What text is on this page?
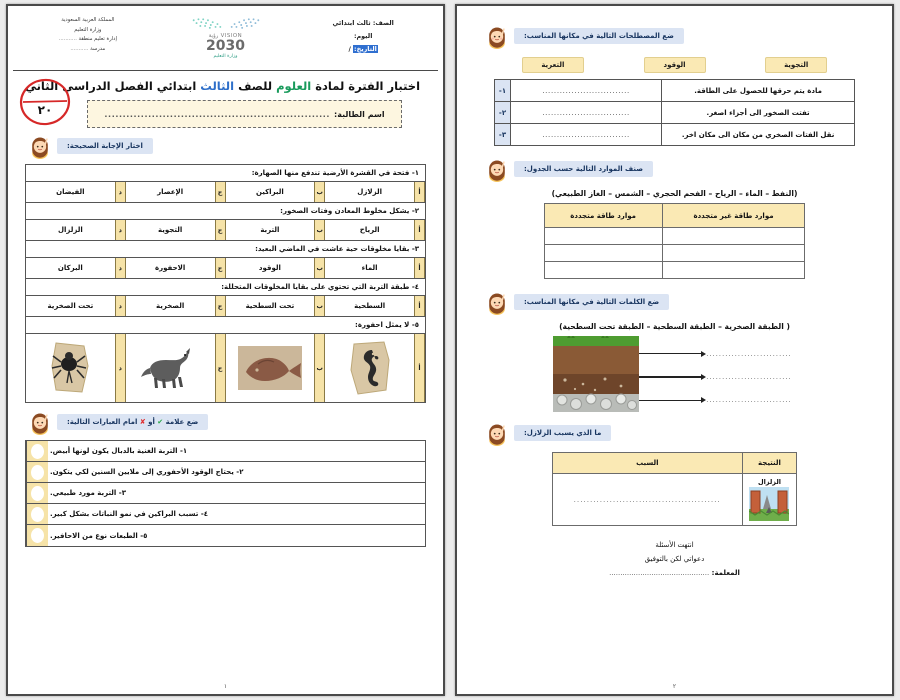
ضع المصطلحات التالية في مكانها المناسب:
التجوية
الوقود
التعرية
مادة يتم حرقها للحصول على الطاقة.	..............................	١-
تفتت الصخور الى أجزاء اصغر.	..............................	٢-
نقل الفتات الصخري من مكان الى مكان اخر.	..............................	٣-
صنف الموارد التالية حسب الجدول:
(النفط – الماء – الرياح – الفحم الحجري – الشمس – الغاز الطبيعي)
موارد طاقة غير متجددة	موارد طاقة متجددة

ضع الكلمات التالية في مكانها المناسب:
( الطبقة الصخرية – الطبقة السطحية – الطبقة تحت السطحية)
...........................
...........................
...........................
ما الذي يسبب الزلازل:
النتيجة	السبب

الزلزال	.............................................
انتهت الأسئلة
دعواتي لكن بالتوفيق
المعلمة: .............................................
٢
الصف: ثالث ابتدائي
اليوم:
التاريخ: /
VISION رؤية
2030
وزارة التعليم
المملكة العربية السعودية
وزارة التعليم
إدارة تعليم منطقة ...........
مدرسة ...........
٢٠
اختبار الفترة لمادة العلوم للصف الثالث ابتدائي الفصل الدراسي الثاني
اسم الطالبة:
..............................................................
اختار الإجابة الصحيحة:
١- فتحة في القشرة الأرضية تندفع منها الصهارة:
أ
الزلازل
ب
البراكين
ج
الإعصار
د
الفيضان
٢- يشكل مخلوط المعادن وفتات الصخور:
أ
الرياح
ب
التربة
ج
التجوية
د
الزلزال
٣- بقايا مخلوقات حية عاشت في الماضي البعيد:
أ
الماء
ب
الوقود
ج
الاحفورة
د
البركان
٤- طبقة التربة التي تحتوي على بقايا المخلوقات المتحللة:
أ
السطحية
ب
تحت السطحية
ج
الصخرية
د
تحت الصخرية
٥- لا يمثل احفورة:
أ
ب
ج
د
ضع علامة ✔ أو ✘ امام العبارات التالية:
١- التربة الغنية بالدبال يكون لونها أبيض.
٢- يحتاج الوقود الأحفوري إلى ملايين السنين لكي يتكون.
٣- التربة مورد طبيعي.
٤- تسبب البراكين في نمو النباتات بشكل كبير.
٥- الطبعات نوع من الاحافير.
١
